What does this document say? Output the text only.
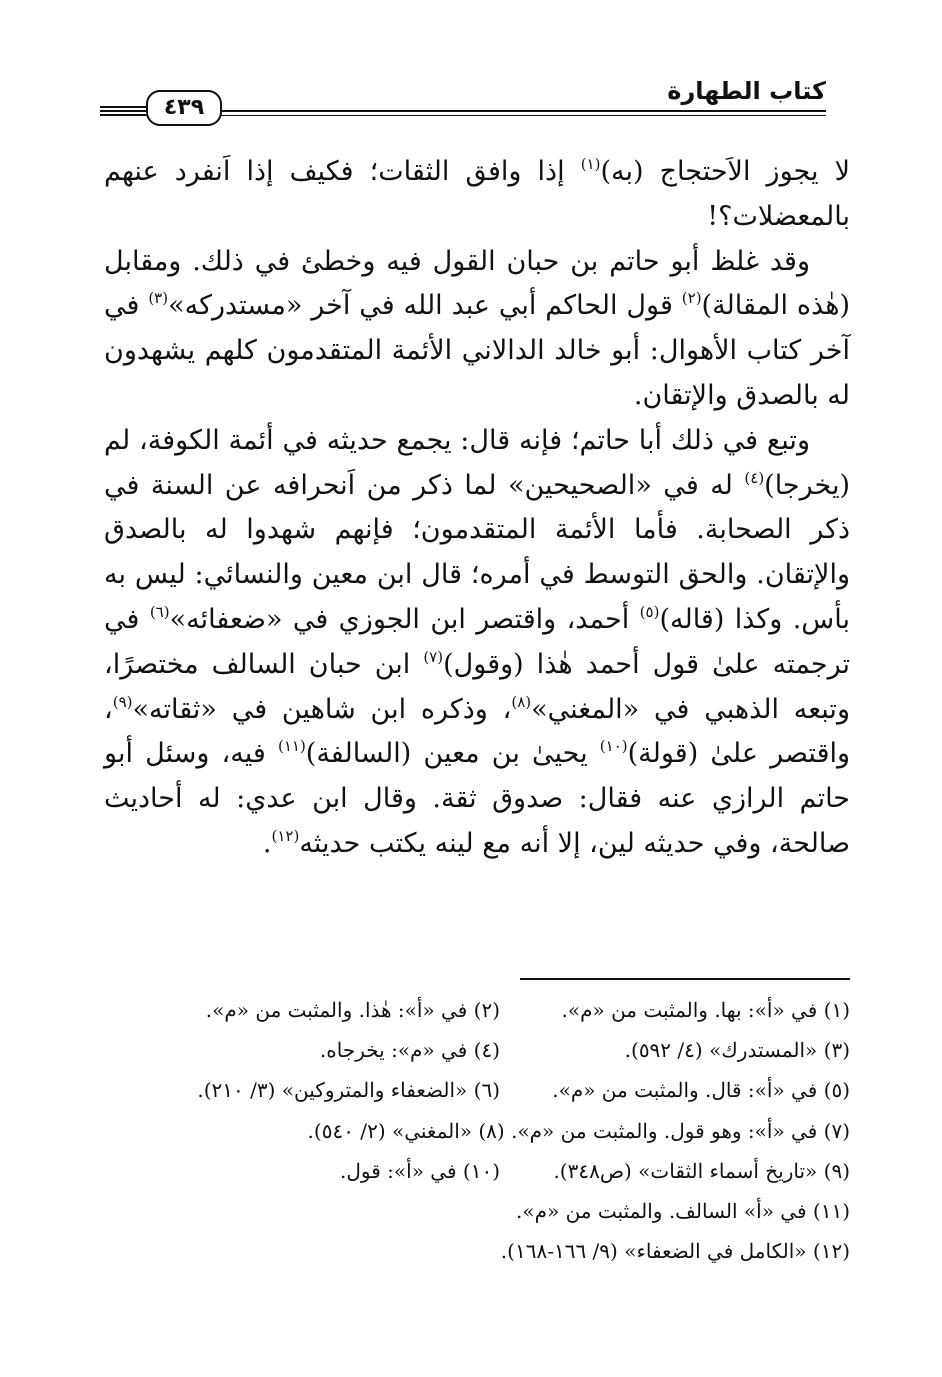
كتاب الطهارة
٤٣٩

لا يجوز الاَحتجاج (به)$^{(١)}$ إذا وافق الثقات؛ فكيف إذا اَنفرد عنهم بالمعضلات؟!

وقد غلظ أبو حاتم بن حبان القول فيه وخطئ في ذلك. ومقابل (هٰذه المقالة)$^{(٢)}$ قول الحاكم أبي عبد الله في آخر «مستدركه»$^{(٣)}$ في آخر كتاب الأهوال: أبو خالد الدالاني الأئمة المتقدمون كلهم يشهدون له بالصدق والإتقان.

وتبع في ذلك أبا حاتم؛ فإنه قال: يجمع حديثه في أئمة الكوفة، لم (يخرجا)$^{(٤)}$ له في «الصحيحين» لما ذكر من اَنحرافه عن السنة في ذكر الصحابة. فأما الأئمة المتقدمون؛ فإنهم شهدوا له بالصدق والإتقان. والحق التوسط في أمره؛ قال ابن معين والنسائي: ليس به بأس. وكذا (قاله)$^{(٥)}$ أحمد، واقتصر ابن الجوزي في «ضعفائه»$^{(٦)}$ في ترجمته علىٰ قول أحمد هٰذا (وقول)$^{(٧)}$ ابن حبان السالف مختصرًا، وتبعه الذهبي في «المغني»$^{(٨)}$، وذكره ابن شاهين في «ثقاته»$^{(٩)}$، واقتصر علىٰ (قولة)$^{(١٠)}$ يحيىٰ بن معين (السالفة)$^{(١١)}$ فيه، وسئل أبو حاتم الرازي عنه فقال: صدوق ثقة. وقال ابن عدي: له أحاديث صالحة، وفي حديثه لين، إلا أنه مع لينه يكتب حديثه$^{(١٢)}$.

(١) في «أ»: بها. والمثبت من «م».
(٢) في «أ»: هٰذا. والمثبت من «م».
(٣) «المستدرك» (٤/ ٥٩٢).
(٤) في «م»: يخرجاه.
(٥) في «أ»: قال. والمثبت من «م».
(٦) «الضعفاء والمتروكين» (٣/ ٢١٠).
(٧) في «أ»: وهو قول. والمثبت من «م». (٨) «المغني» (٢/ ٥٤٠).
(٩) «تاريخ أسماء الثقات» (ص٣٤٨).
(١٠) في «أ»: قول.
(١١) في «أ» السالف. والمثبت من «م».
(١٢) «الكامل في الضعفاء» (٩/ ١٦٦-١٦٨).
